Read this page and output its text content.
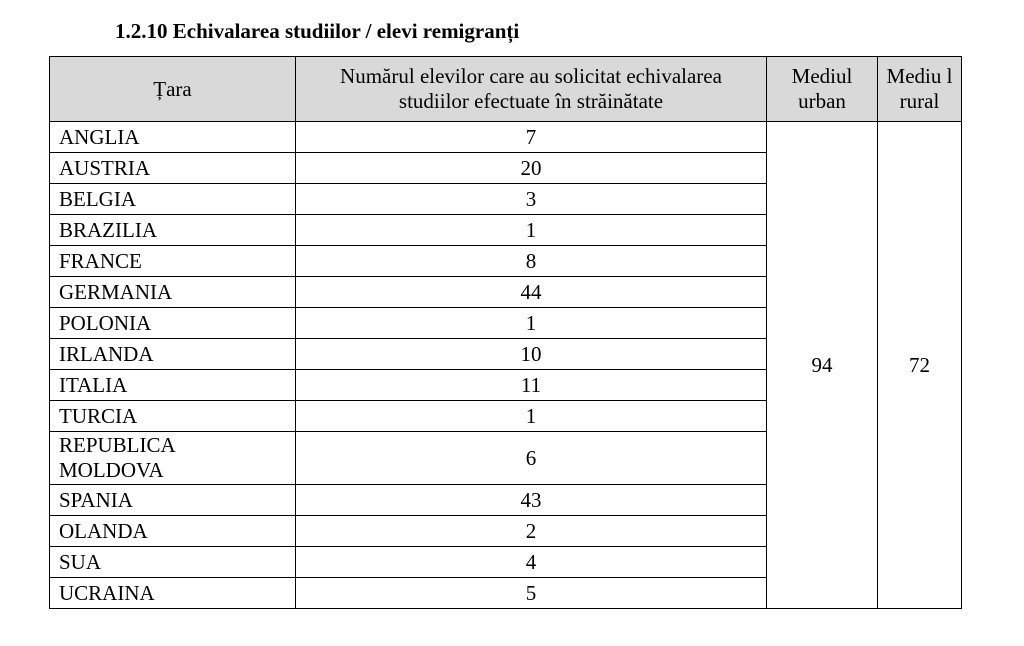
1.2.10 Echivalarea studiilor / elevi remigranți
Țara	Numărul elevilor care au solicitat echivalarea studiilor efectuate în străinătate	Mediul urban	Mediu l rural

ANGLIA	7	94	72
AUSTRIA	20		
BELGIA	3		
BRAZILIA	1		
FRANCE	8		
GERMANIA	44		
POLONIA	1		
IRLANDA	10		
ITALIA	11		
TURCIA	1		
REPUBLICA MOLDOVA	6		
SPANIA	43		
OLANDA	2		
SUA	4		
UCRAINA	5		
